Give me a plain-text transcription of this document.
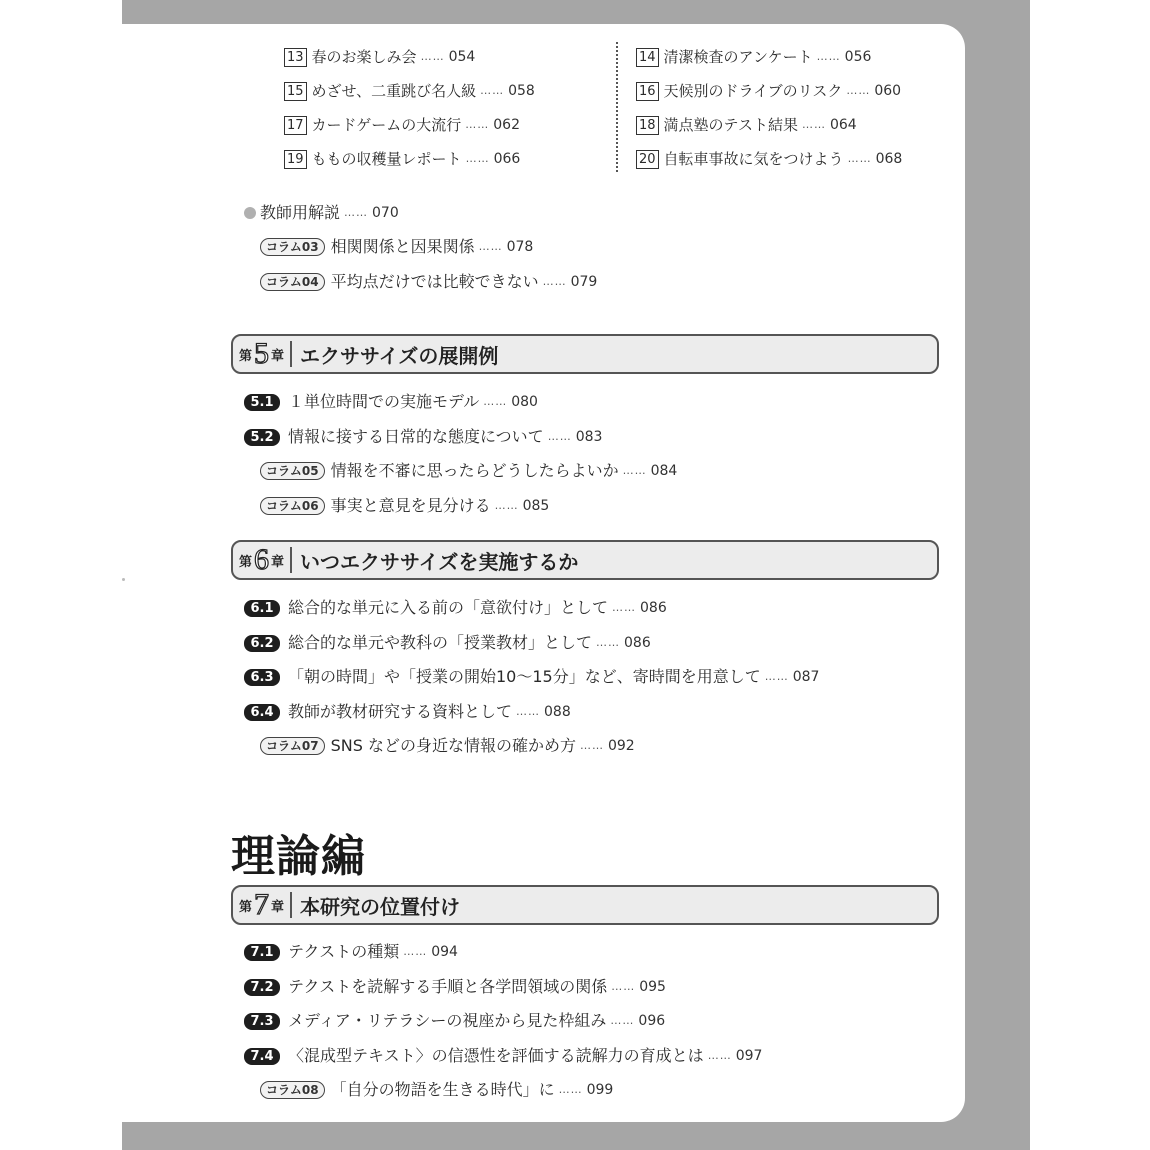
13 春のお楽しみ会 …… 054	14 清潔検査のアンケート …… 056
15 めざせ、二重跳び名人級 …… 058	16 天候別のドライブのリスク …… 060
17 カードゲームの大流行 …… 062	18 満点塾のテスト結果 …… 064
19 ももの収穫量レポート …… 066	20 自転車事故に気をつけよう …… 068
教師用解説 …… 070
コラム03 相関関係と因果関係 …… 078
コラム04 平均点だけでは比較できない …… 079
第 5 章 エクササイズの展開例
5.1 １単位時間での実施モデル …… 080
5.2 情報に接する日常的な態度について …… 083
コラム05 情報を不審に思ったらどうしたらよいか …… 084
コラム06 事実と意見を見分ける …… 085
第 6 章 いつエクササイズを実施するか
6.1 総合的な単元に入る前の「意欲付け」として …… 086
6.2 総合的な単元や教科の「授業教材」として …… 086
6.3 「朝の時間」や「授業の開始10～15分」など、寄時間を用意して …… 087
6.4 教師が教材研究する資料として …… 088
コラム07 SNS などの身近な情報の確かめ方 …… 092
理論編
第 7 章 本研究の位置付け
7.1 テクストの種類 …… 094
7.2 テクストを読解する手順と各学問領域の関係 …… 095
7.3 メディア・リテラシーの視座から見た枠組み …… 096
7.4 〈混成型テキスト〉の信憑性を評価する読解力の育成とは …… 097
コラム08 「自分の物語を生きる時代」に …… 099
